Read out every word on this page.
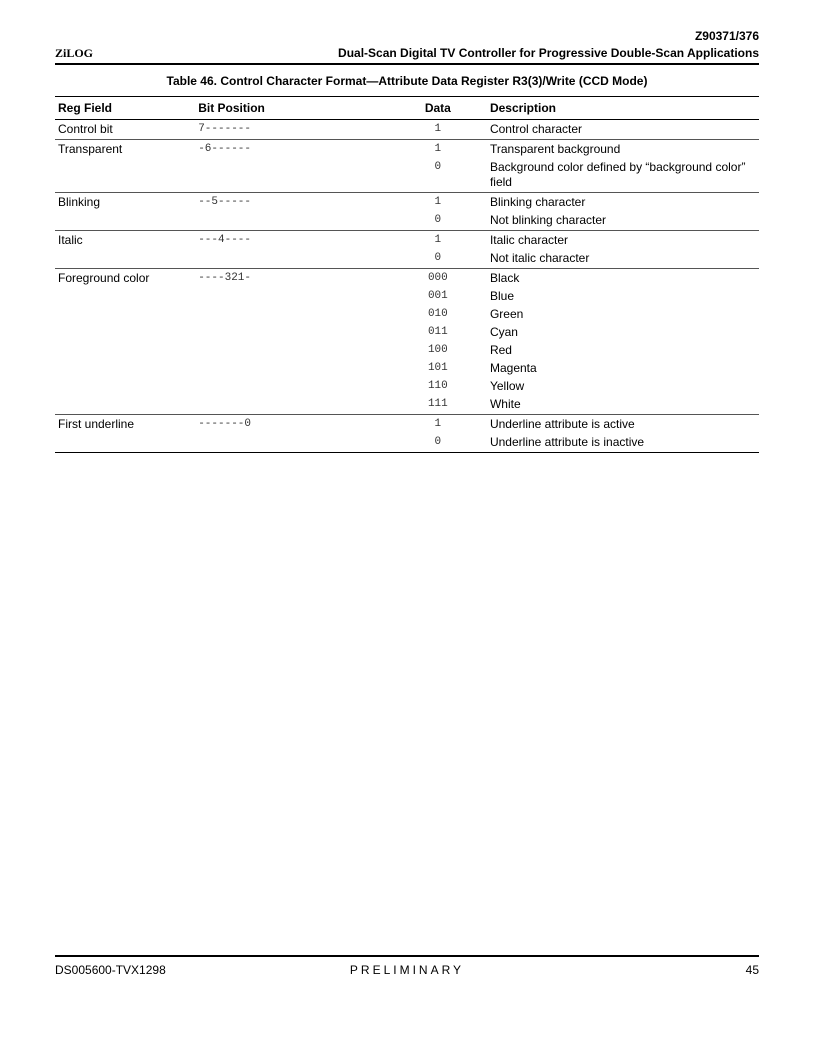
Z90371/376
ZiLOG	Dual-Scan Digital TV Controller for Progressive Double-Scan Applications
Table 46. Control Character Format—Attribute Data Register R3(3)/Write (CCD Mode)
Reg Field	Bit Position	Data	Description
Control bit	7-------	1	Control character
Transparent	-6------	1	Transparent background
		0	Background color defined by “background color” field
Blinking	--5-----	1	Blinking character
		0	Not blinking character
Italic	---4----	1	Italic character
		0	Not italic character
Foreground color	----321-	000	Black
		001	Blue
		010	Green
		011	Cyan
		100	Red
		101	Magenta
		110	Yellow
		111	White
First underline	-------0	1	Underline attribute is active
		0	Underline attribute is inactive
DS005600-TVX1298	PRELIMINARY	45
